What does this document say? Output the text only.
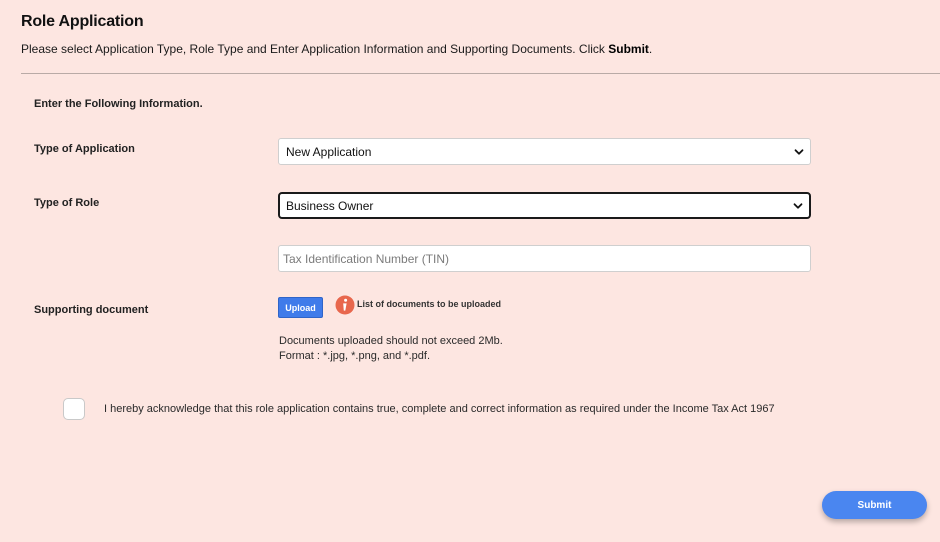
Role Application
Please select Application Type, Role Type and Enter Application Information and Supporting Documents. Click Submit.
Enter the Following Information.
Type of Application	New Application
Type of Role	Business Owner
Tax Identification Number (TIN)
Supporting document	Upload	List of documents to be uploaded
Documents uploaded should not exceed 2Mb.
Format : *.jpg, *.png, and *.pdf.
I hereby acknowledge that this role application contains true, complete and correct information as required under the Income Tax Act 1967
Submit
